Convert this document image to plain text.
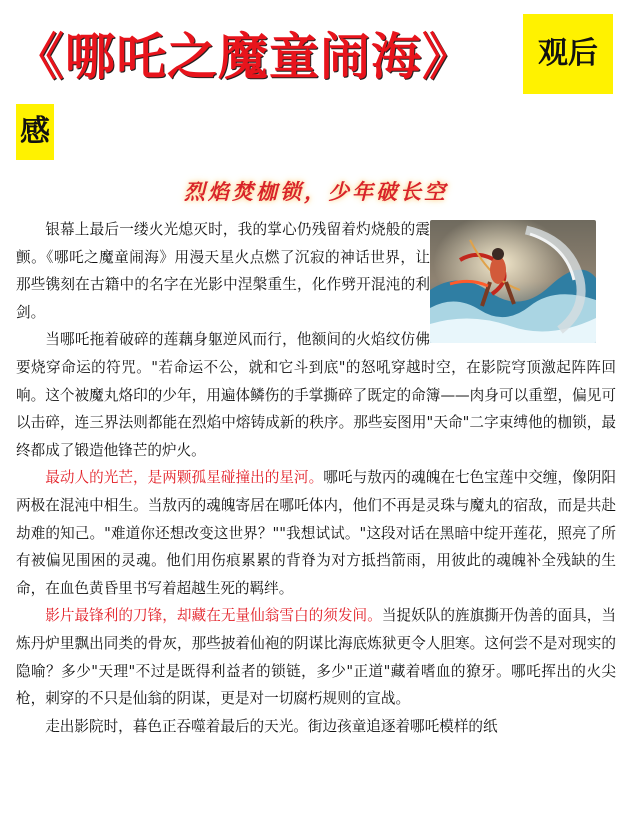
《哪吒之魔童闹海》	观后
感
烈焰焚枷锁，少年破长空

银幕上最后一缕火光熄灭时，我的掌心仍残留着灼烧般的震颤。《哪吒之魔童闹海》用漫天星火点燃了沉寂的神话世界，让那些镌刻在古籍中的名字在光影中涅槃重生，化作劈开混沌的利剑。

当哪吒拖着破碎的莲藕身躯逆风而行，他额间的火焰纹仿佛要烧穿命运的符咒。"若命运不公，就和它斗到底"的怒吼穿越时空，在影院穹顶激起阵阵回响。这个被魔丸烙印的少年，用遍体鳞伤的手掌撕碎了既定的命簿——肉身可以重塑，偏见可以击碎，连三界法则都能在烈焰中熔铸成新的秩序。那些妄图用"天命"二字束缚他的枷锁，最终都成了锻造他锋芒的炉火。

最动人的光芒，是两颗孤星碰撞出的星河。哪吒与敖丙的魂魄在七色宝莲中交缠，像阴阳两极在混沌中相生。当敖丙的魂魄寄居在哪吒体内，他们不再是灵珠与魔丸的宿敌，而是共赴劫难的知己。"难道你还想改变这世界？""我想试试。"这段对话在黑暗中绽开莲花，照亮了所有被偏见围困的灵魂。他们用伤痕累累的背脊为对方抵挡箭雨，用彼此的魂魄补全残缺的生命，在血色黄昏里书写着超越生死的羁绊。

影片最锋利的刀锋，却藏在无量仙翁雪白的须发间。当捉妖队的旌旗撕开伪善的面具，当炼丹炉里飘出同类的骨灰，那些披着仙袍的阴谋比海底炼狱更令人胆寒。这何尝不是对现实的隐喻？多少"天理"不过是既得利益者的锁链，多少"正道"藏着嗜血的獠牙。哪吒挥出的火尖枪，刺穿的不只是仙翁的阴谋，更是对一切腐朽规则的宣战。

走出影院时，暮色正吞噬着最后的天光。街边孩童追逐着哪吒模样的纸
